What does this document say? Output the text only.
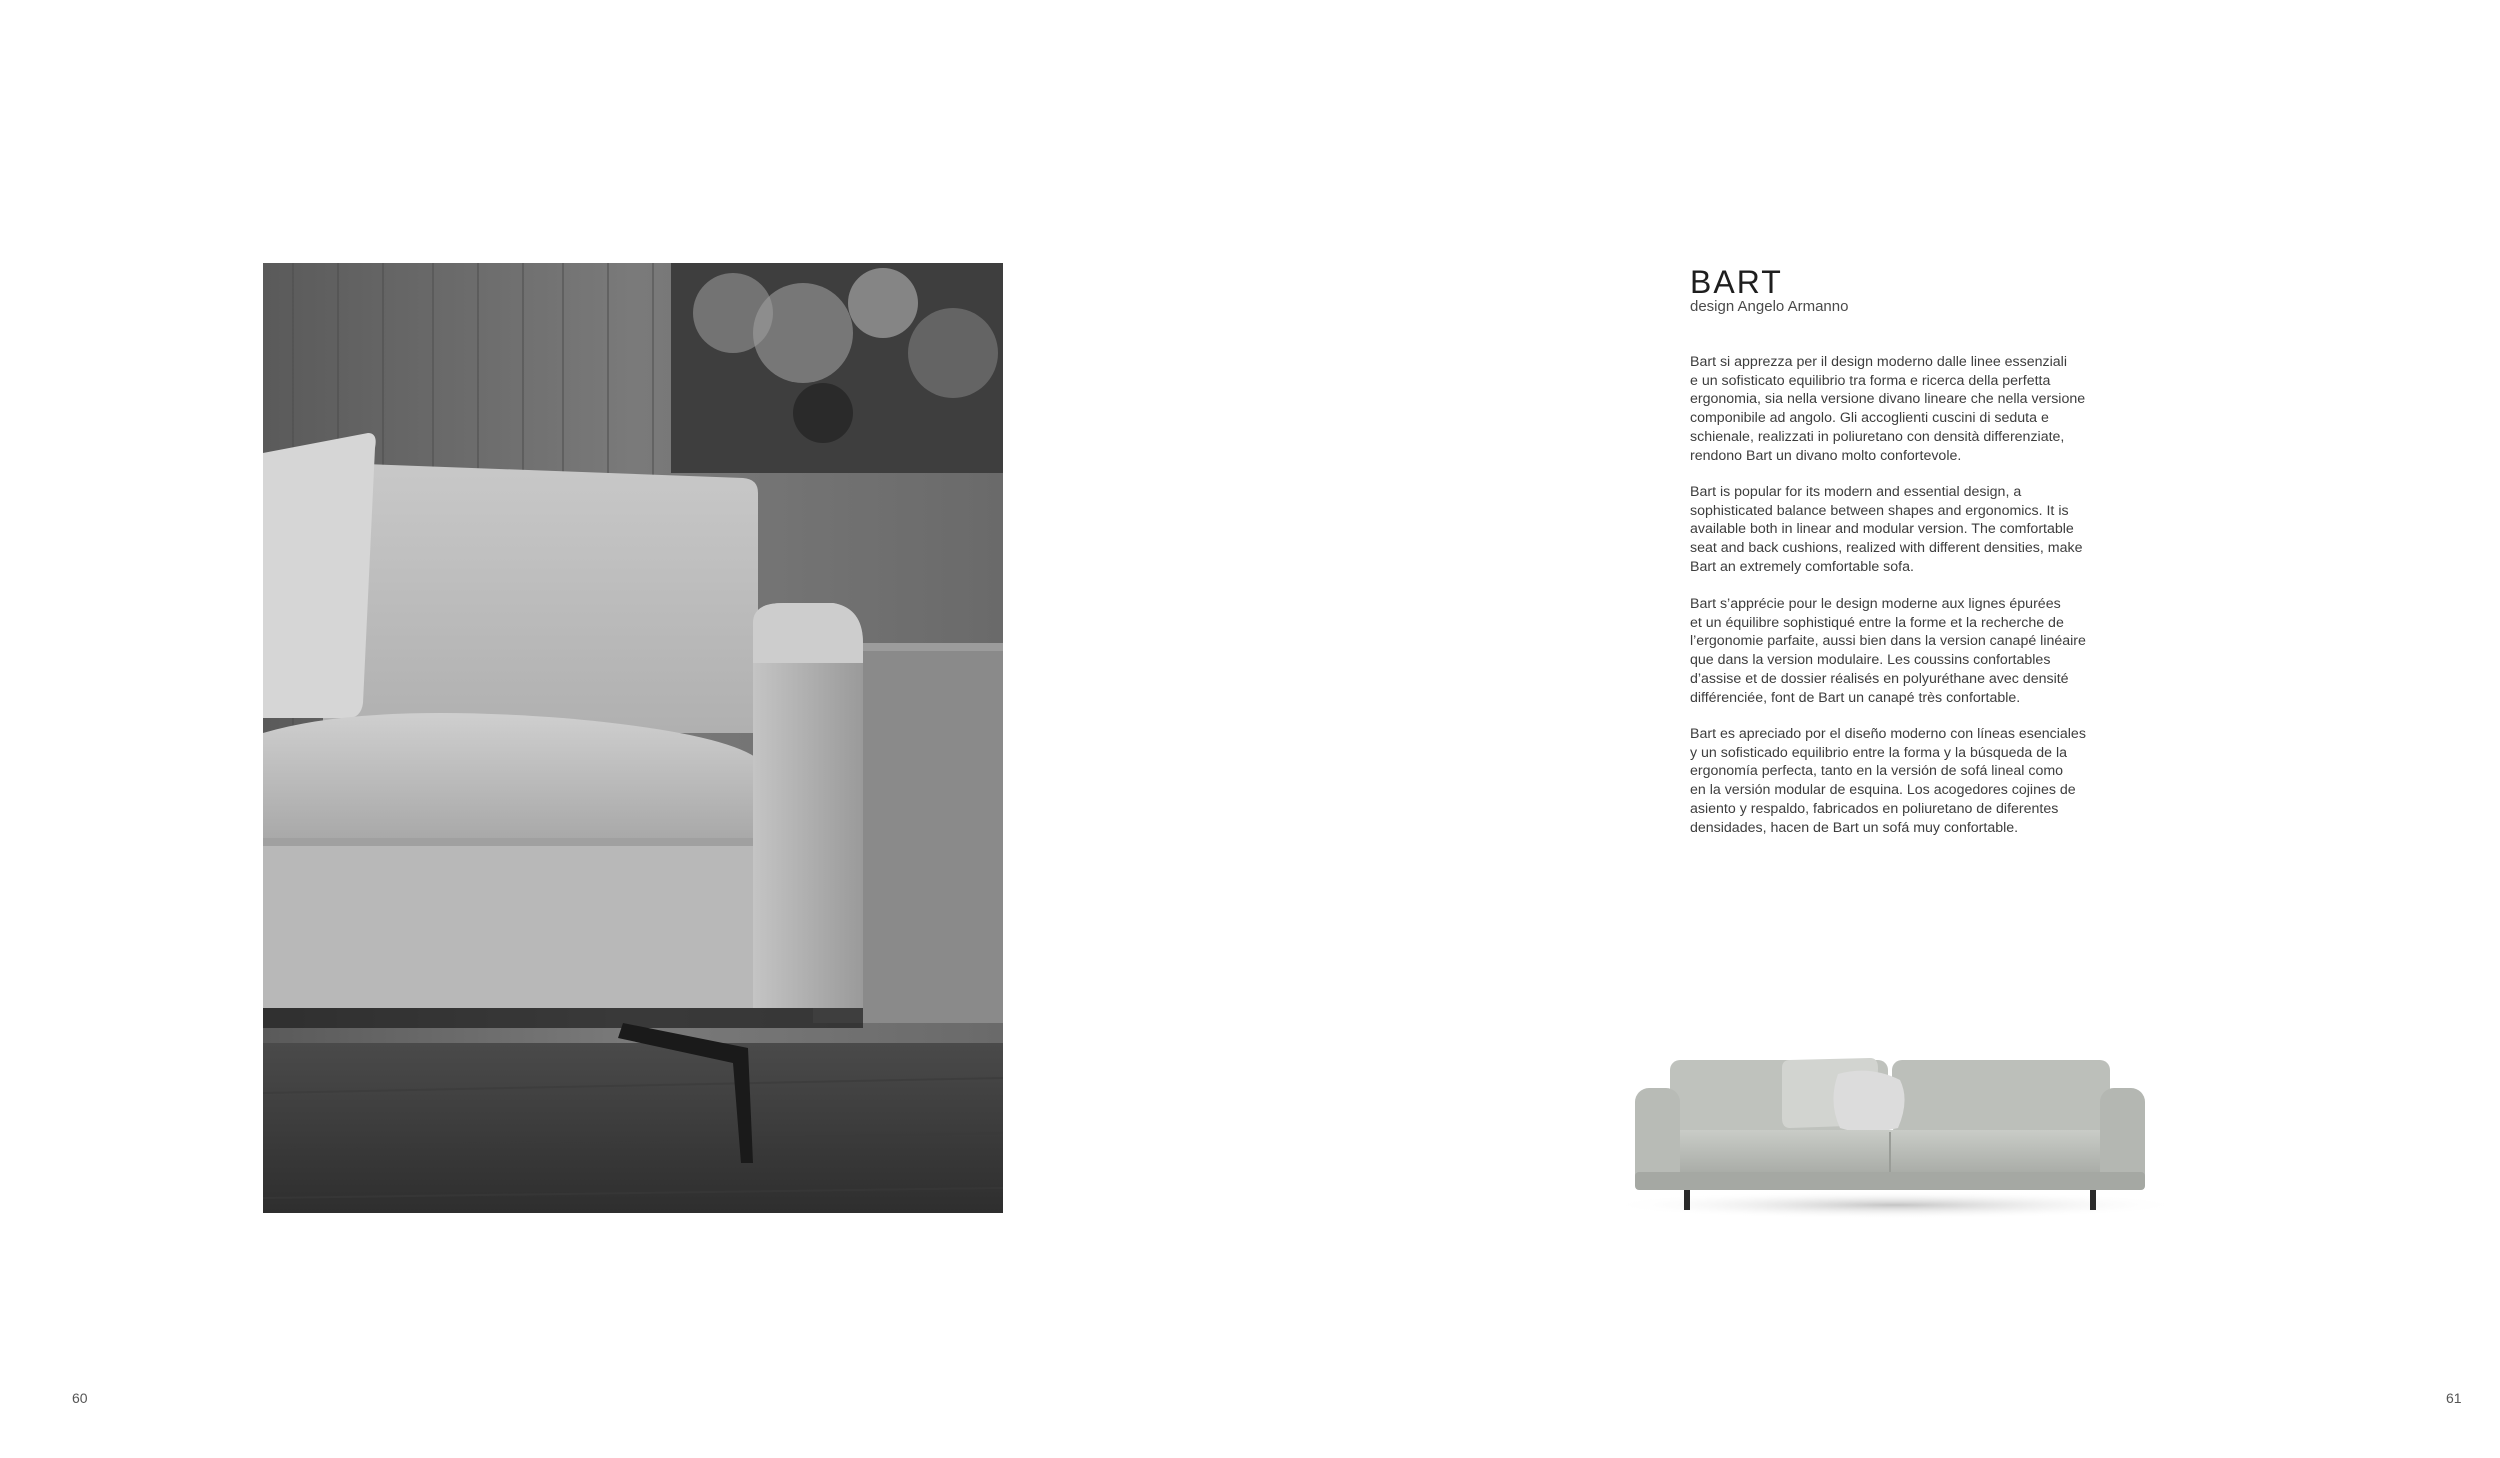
BART
design Angelo Armanno

Bart si apprezza per il design moderno dalle linee essenziali
e un sofisticato equilibrio tra forma e ricerca della perfetta
ergonomia, sia nella versione divano lineare che nella versione
componibile ad angolo. Gli accoglienti cuscini di seduta e
schienale, realizzati in poliuretano con densità differenziate,
rendono Bart un divano molto confortevole.

Bart is popular for its modern and essential design, a
sophisticated balance between shapes and ergonomics. It is
available both in linear and modular version. The comfortable
seat and back cushions, realized with different densities, make
Bart an extremely comfortable sofa.

Bart s’apprécie pour le design moderne aux lignes épurées
et un équilibre sophistiqué entre la forme et la recherche de
l’ergonomie parfaite, aussi bien dans la version canapé linéaire
que dans la version modulaire. Les coussins confortables
d’assise et de dossier réalisés en polyuréthane avec densité
différenciée, font de Bart un canapé très confortable.

Bart es apreciado por el diseño moderno con líneas esenciales
y un sofisticado equilibrio entre la forma y la búsqueda de la
ergonomía perfecta, tanto en la versión de sofá lineal como
en la versión modular de esquina. Los acogedores cojines de
asiento y respaldo, fabricados en poliuretano de diferentes
densidades, hacen de Bart un sofá muy confortable.

60	61
